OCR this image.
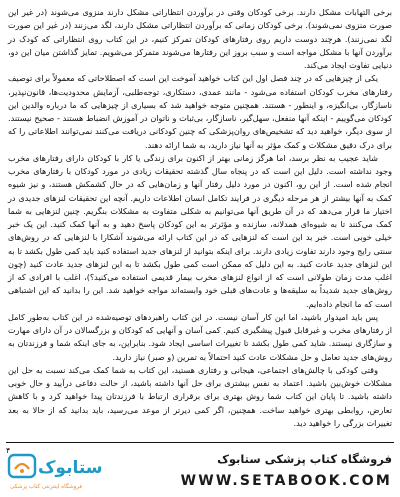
برخی التهابات مشکل دارند. برخی کودکان وقتی در برآوردن انتظاراتی مشکل دارند منزوی می‌شوند (در غیر این صورت منزوی نمی‌شوند). برخی کودکان زمانی که برآوردن انتظاراتی مشکل دارند، لگد می‌زنند (در غیر این صورت لگد نمی‌زنند). هرچند دوست داریم روی رفتارهای کودکان تمرکز کنیم، در این کتاب روی انتظاراتی که کودک در برآوردن آنها با مشکل مواجه است و سبب بروز این رفتارها می‌شوند متمرکز می‌شویم. تمایز گذاشتن میان این دو، دنیایی تفاوت ایجاد می‌کند.

یکی از چیزهایی که در چند فصل اول این کتاب خواهید آموخت این است که اصطلاحاتی که معمولاً برای توصیف رفتارهای مخرب کودکان استفاده می‌شود - مانند عمدی، دستکاری، توجه‌طلبی، آزمایش محدودیت‌ها، قانون‌نپذیر، ناسازگار، بی‌انگیزه، و اینطور - هستند. همچنین متوجه خواهید شد که بسیاری از چیزهایی که ما درباره والدین این کودکان می‌گوییم - اینکه آنها منفعل، سهل‌گیر، ناسازگار، بی‌ثبات و ناتوان در آموزش انضباط هستند - صحیح نیستند. از سوی دیگر، خواهید دید که تشخیص‌های روان‌پزشکی که چنین کودکانی دریافت می‌کنند نمی‌توانند اطلاعاتی را که برای درک دقیق مشکلات و کمک مؤثر به آنها نیاز دارید، به شما ارائه دهند.

شاید عجیب به نظر برسد، اما هرگز زمانی بهتر از اکنون برای زندگی یا کار با کودکان دارای رفتارهای مخرب وجود نداشته است. دلیل این است که در پنجاه سال گذشته تحقیقات زیادی در مورد کودکان با رفتارهای مخرب انجام شده است. از این رو، اکنون در مورد دلیل رفتار آنها و زمان‌هایی که در حال کشمکش هستند، و نیز شیوه کمک به آنها بیشتر از هر مرحله دیگری در فرایند تکامل انسان اطلاعات داریم. آنچه این تحقیقات لنزهای جدیدی در اختیار ما قرار می‌دهد که در آن طریق آنها می‌توانیم به شکلی متفاوت به مشکلات بنگریم. چنین لنزهایی به شما کمک می‌کنند تا به شیوه‌ای همدلانه، سازنده و مؤثرتر به این کودکان پاسخ دهید و به آنها کمک کنید. این یک خبر خیلی خوبی است. خبر بد این است که لنزهایی که در این کتاب ارائه می‌شوند آشکارا با لنزهایی که در روش‌های سنتی رایج وجود دارند تفاوت زیادی دارند. برای اینکه بتوانید از لنزهای جدید استفاده کنید باید کمی طول بکشد تا به این لنزهای جدید عادت کنید. به این دلیل که ممکن است کمی طول بکشد تا به این لنزهای جدید عادت کنید (چون اغلب مدت زمان طولانی است که از انواع لنزهای مخرب بیمار قدیمی استفاده می‌کنید؟)، اغلب با افرادی که از روش‌های جدید شدیداً به سلیقه‌ها و عادت‌های قبلی خود وابسته‌اند مواجه خواهید شد. این را بدانید که این اشتباهی است که ما انجام داده‌ایم.

پس باید امیدوار باشید، اما این کار آسان نیست. در این کتاب راهبردهای توصیه‌شده در این کتاب به‌طور کامل از رفتارهای مخرب و غیرقابل قبول پیشگیری کنیم. کمی آسان و آنهایی که کودکان و بزرگسالان در آن دارای مهارت و سازگاری نیستند. شاید کمی طول بکشد تا تغییرات اساسی ایجاد شود. بنابراین، به جای اینکه شما و فرزندتان به روش‌های جدید تعامل و حل مشکلات عادت کنید احتمالاً به تمرین (و صبر) نیاز دارید.

وقتی کودکی با چالش‌های اجتماعی، هیجانی و رفتاری هستید، این کتاب به شما کمک می‌کند نسبت به حل این مشکلات خوش‌بین باشید. اعتماد به نفس بیشتری برای حل آنها داشته باشید، از حالت دفاعی درآیید و حال خوبی داشته باشید. تا پایان این کتاب شما روش بهتری برای برقراری ارتباط با فرزندتان پیدا خواهید کرد و با کاهش تعارض، روابطی بهتری خواهید ساخت. همچنین، اگر کمی دیرتر از موعد می‌رسید، باید بدانید که از حالا به بعد تغییرات بزرگی را خواهید دید.

۴
ستابوک
فروشگاه اینترنتی کتاب پزشکی
فروشگاه کتاب پزشکی ستابوک
WWW.SETABOOK.COM
